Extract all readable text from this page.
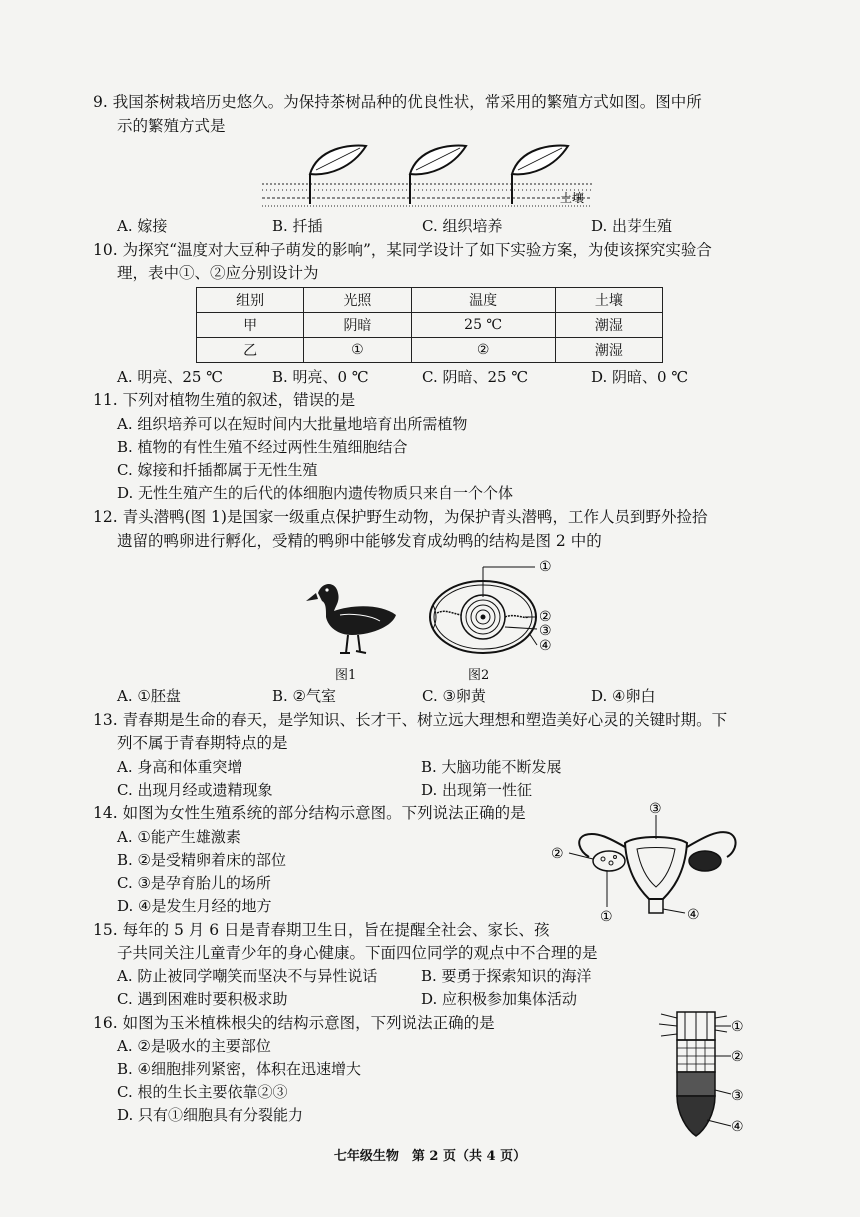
9. 我国茶树栽培历史悠久。为保持茶树品种的优良性状，常采用的繁殖方式如图。图中所
示的繁殖方式是
土壤
A. 嫁接	B. 扦插	C. 组织培养	D. 出芽生殖
10. 为探究“温度对大豆种子萌发的影响”，某同学设计了如下实验方案，为使该探究实验合
理，表中①、②应分别设计为
组别	光照	温度	土壤
甲	阴暗	25 ℃	潮湿
乙	①	②	潮湿
A. 明亮、25 ℃	B. 明亮、0 ℃	C. 阴暗、25 ℃	D. 阴暗、0 ℃
11. 下列对植物生殖的叙述，错误的是
A. 组织培养可以在短时间内大批量地培育出所需植物
B. 植物的有性生殖不经过两性生殖细胞结合
C. 嫁接和扦插都属于无性生殖
D. 无性生殖产生的后代的体细胞内遗传物质只来自一个个体
12. 青头潜鸭(图 1)是国家一级重点保护野生动物，为保护青头潜鸭，工作人员到野外捡拾
遗留的鸭卵进行孵化，受精的鸭卵中能够发育成幼鸭的结构是图 2 中的
图1
①
②
③
④
图2
A. ①胚盘	B. ②气室	C. ③卵黄	D. ④卵白
13. 青春期是生命的春天，是学知识、长才干、树立远大理想和塑造美好心灵的关键时期。下
列不属于青春期特点的是
A. 身高和体重突增	B. 大脑功能不断发展
C. 出现月经或遗精现象	D. 出现第一性征
14. 如图为女性生殖系统的部分结构示意图。下列说法正确的是
A. ①能产生雄激素
B. ②是受精卵着床的部位
C. ③是孕育胎儿的场所
D. ④是发生月经的地方
③
②
①	④
15. 每年的 5 月 6 日是青春期卫生日，旨在提醒全社会、家长、孩
子共同关注儿童青少年的身心健康。下面四位同学的观点中不合理的是
A. 防止被同学嘲笑而坚决不与异性说话	B. 要勇于探索知识的海洋
C. 遇到困难时要积极求助	D. 应积极参加集体活动
16. 如图为玉米植株根尖的结构示意图，下列说法正确的是
A. ②是吸水的主要部位
B. ④细胞排列紧密，体积在迅速增大
C. 根的生长主要依靠②③
D. 只有①细胞具有分裂能力
①
②
③
④
七年级生物　第 2 页（共 4 页）
